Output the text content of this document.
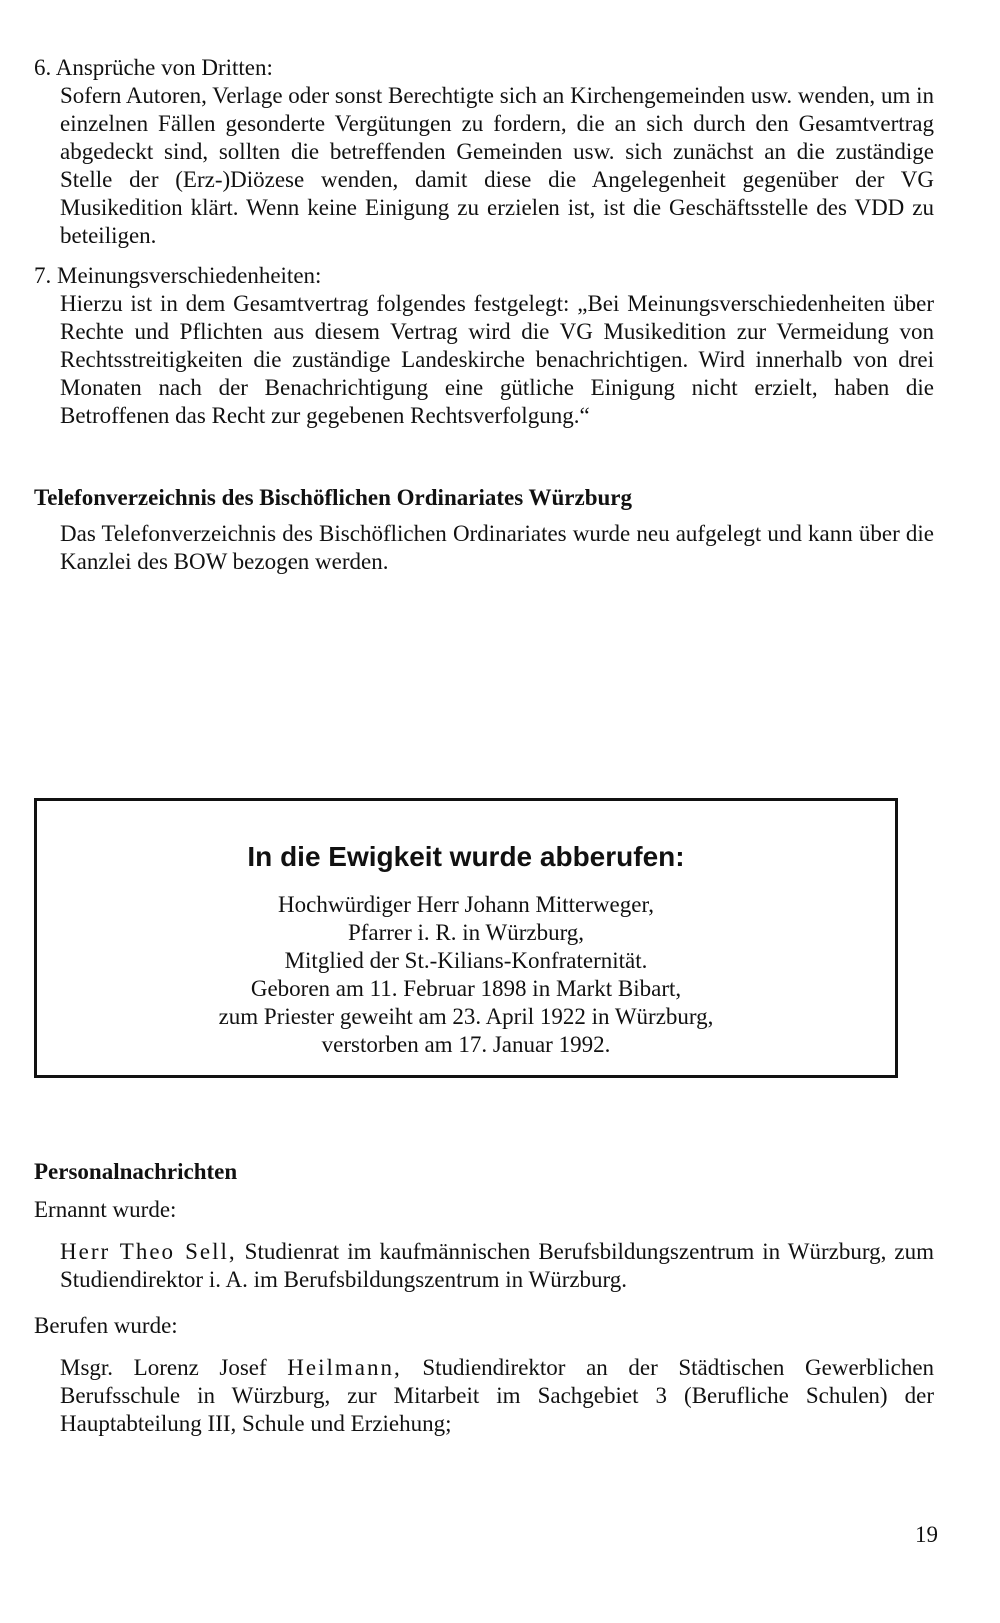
6. Ansprüche von Dritten:
Sofern Autoren, Verlage oder sonst Berechtigte sich an Kirchengemeinden usw. wenden, um in einzelnen Fällen gesonderte Vergütungen zu fordern, die an sich durch den Gesamtvertrag abgedeckt sind, sollten die betreffenden Gemeinden usw. sich zunächst an die zuständige Stelle der (Erz-)Diözese wenden, damit diese die Angelegenheit gegenüber der VG Musikedition klärt. Wenn keine Einigung zu erzielen ist, ist die Geschäftsstelle des VDD zu beteiligen.
7. Meinungsverschiedenheiten:
Hierzu ist in dem Gesamtvertrag folgendes festgelegt: „Bei Meinungsverschiedenheiten über Rechte und Pflichten aus diesem Vertrag wird die VG Musikedition zur Vermeidung von Rechtsstreitigkeiten die zuständige Landeskirche benachrichtigen. Wird innerhalb von drei Monaten nach der Benachrichtigung eine gütliche Einigung nicht erzielt, haben die Betroffenen das Recht zur gegebenen Rechtsverfolgung.“
Telefonverzeichnis des Bischöflichen Ordinariates Würzburg
Das Telefonverzeichnis des Bischöflichen Ordinariates wurde neu aufgelegt und kann über die Kanzlei des BOW bezogen werden.
In die Ewigkeit wurde abberufen:
Hochwürdiger Herr Johann Mitterweger,
Pfarrer i. R. in Würzburg,
Mitglied der St.-Kilians-Konfraternität.
Geboren am 11. Februar 1898 in Markt Bibart,
zum Priester geweiht am 23. April 1922 in Würzburg,
verstorben am 17. Januar 1992.
Personalnachrichten
Ernannt wurde:
Herr Theo Sell, Studienrat im kaufmännischen Berufsbildungszentrum in Würzburg, zum Studiendirektor i. A. im Berufsbildungszentrum in Würzburg.
Berufen wurde:
Msgr. Lorenz Josef Heilmann, Studiendirektor an der Städtischen Gewerblichen Berufsschule in Würzburg, zur Mitarbeit im Sachgebiet 3 (Berufliche Schulen) der Hauptabteilung III, Schule und Erziehung;
19
